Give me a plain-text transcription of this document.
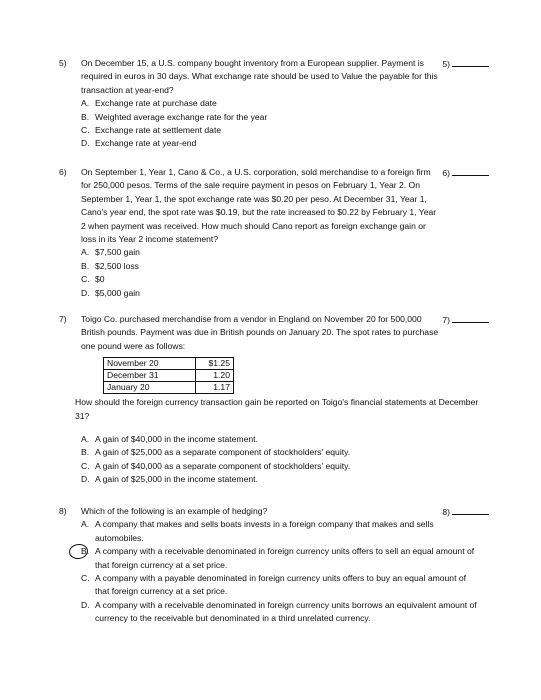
5)	5)
On December 15, a U.S. company bought inventory from a European supplier. Payment is required in euros in 30 days. What exchange rate should be used to Value the payable for this transaction at year-end?
A. Exchange rate at purchase date
B. Weighted average exchange rate for the year
C. Exchange rate at settlement date
D. Exchange rate at year-end
6)	6)
On September 1, Year 1, Cano & Co., a U.S. corporation, sold merchandise to a foreign firm for 250,000 pesos. Terms of the sale require payment in pesos on February 1, Year 2. On September 1, Year 1, the spot exchange rate was $0.20 per peso. At December 31, Year 1, Cano's year end, the spot rate was $0.19, but the rate increased to $0.22 by February 1, Year 2 when payment was received. How much should Cano report as foreign exchange gain or loss in its Year 2 income statement?
A. $7,500 gain
B. $2,500 loss
C. $0
D. $5,000 gain
7)	7)
Toigo Co. purchased merchandise from a vendor in England on November 20 for 500,000 British pounds. Payment was due in British pounds on January 20. The spot rates to purchase one pound were as follows:
November 20	$1.25
December 31	1.20
January 20	1.17
How should the foreign currency transaction gain be reported on Toigo's financial statements at December 31?
A. A gain of $40,000 in the income statement.
B. A gain of $25,000 as a separate component of stockholders' equity.
C. A gain of $40,000 as a separate component of stockholders' equity.
D. A gain of $25,000 in the income statement.
8)	8)
Which of the following is an example of hedging?
A. A company that makes and sells boats invests in a foreign company that makes and sells automobiles.
B. A company with a receivable denominated in foreign currency units offers to sell an equal amount of that foreign currency at a set price.
C. A company with a payable denominated in foreign currency units offers to buy an equal amount of that foreign currency at a set price.
D. A company with a receivable denominated in foreign currency units borrows an equivalent amount of currency to the receivable but denominated in a third unrelated currency.
